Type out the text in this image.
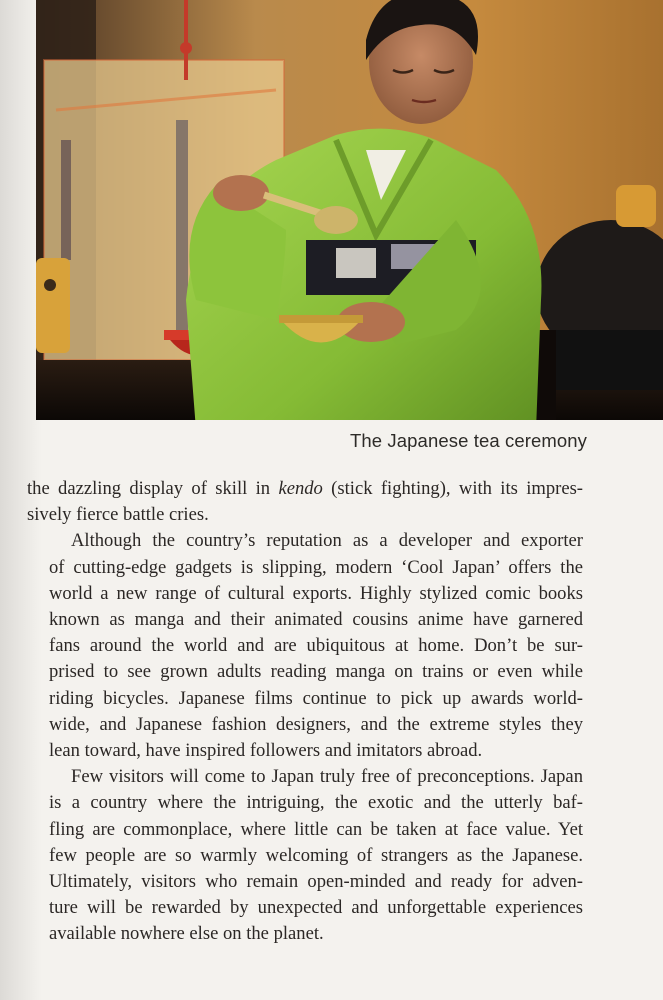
The Japanese tea ceremony

the dazzling display of skill in kendo (stick fighting), with its impres-
sively fierce battle cries.

Although the country’s reputation as a developer and exporter
of cutting-edge gadgets is slipping, modern ‘Cool Japan’ offers the
world a new range of cultural exports. Highly stylized comic books
known as manga and their animated cousins anime have garnered
fans around the world and are ubiquitous at home. Don’t be sur-
prised to see grown adults reading manga on trains or even while
riding bicycles. Japanese films continue to pick up awards world-
wide, and Japanese fashion designers, and the extreme styles they
lean toward, have inspired followers and imitators abroad.

Few visitors will come to Japan truly free of preconceptions. Japan
is a country where the intriguing, the exotic and the utterly baf-
fling are commonplace, where little can be taken at face value. Yet
few people are so warmly welcoming of strangers as the Japanese.
Ultimately, visitors who remain open-minded and ready for adven-
ture will be rewarded by unexpected and unforgettable experiences
available nowhere else on the planet.
